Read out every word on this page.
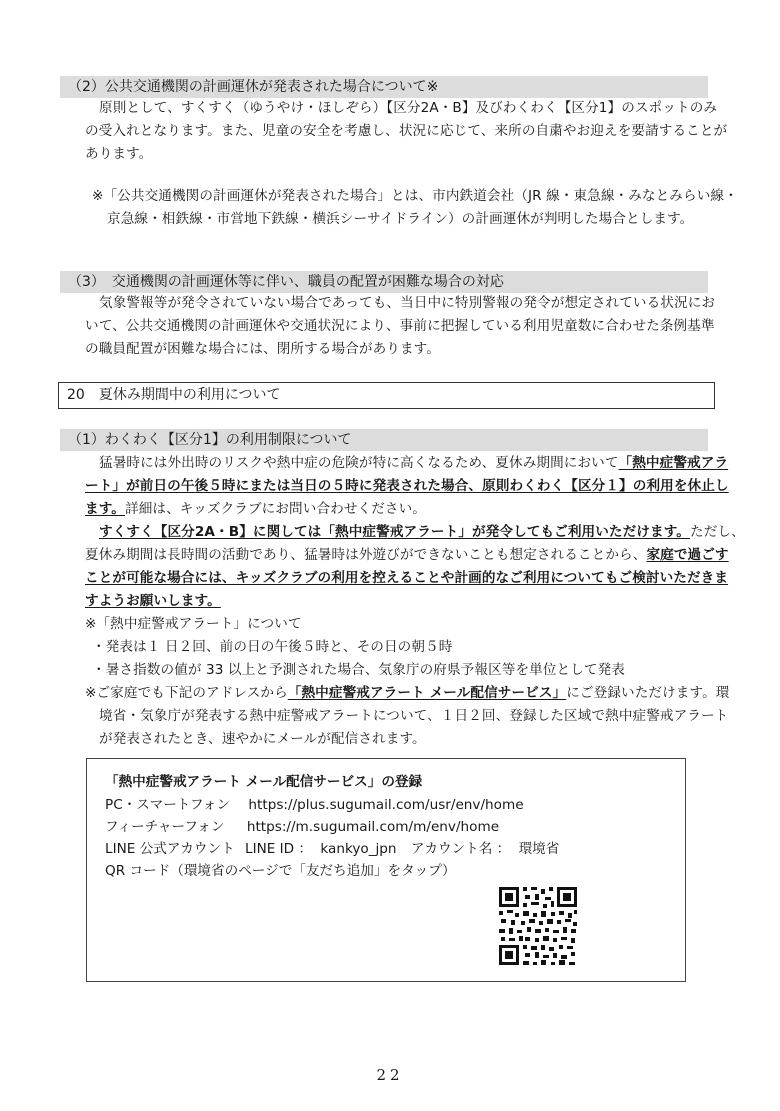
（2）公共交通機関の計画運休が発表された場合について※
原則として、すくすく（ゆうやけ・ほしぞら）【区分2A・B】及びわくわく【区分1】のスポットのみ
の受入れとなります。また、児童の安全を考慮し、状況に応じて、来所の自粛やお迎えを要請することが
あります。
※「公共交通機関の計画運休が発表された場合」とは、市内鉄道会社（JR 線・東急線・みなとみらい線・
京急線・相鉄線・市営地下鉄線・横浜シーサイドライン）の計画運休が判明した場合とします。
（3）　交通機関の計画運休等に伴い、職員の配置が困難な場合の対応
気象警報等が発令されていない場合であっても、当日中に特別警報の発令が想定されている状況にお
いて、公共交通機関の計画運休や交通状況により、事前に把握している利用児童数に合わせた条例基準
の職員配置が困難な場合には、閉所する場合があります。
20　夏休み期間中の利用について
（1）わくわく【区分1】の利用制限について
猛暑時には外出時のリスクや熱中症の危険が特に高くなるため、夏休み期間において「熱中症警戒アラ
ート」が前日の午後５時にまたは当日の５時に発表された場合、原則わくわく【区分１】の利用を休止し
ます。詳細は、キッズクラブにお問い合わせください。
すくすく【区分2A・B】に関しては「熱中症警戒アラート」が発令してもご利用いただけます。ただし、
夏休み期間は長時間の活動であり、猛暑時は外遊びができないことも想定されることから、家庭で過ごす
ことが可能な場合には、キッズクラブの利用を控えることや計画的なご利用についてもご検討いただきま
すようお願いします。
※「熱中症警戒アラート」について
・発表は１ 日２回、前の日の午後５時と、その日の朝５時
・暑さ指数の値が 33 以上と予測された場合、気象庁の府県予報区等を単位として発表
※ご家庭でも下記のアドレスから「熱中症警戒アラート メール配信サービス」にご登録いただけます。環
境省・気象庁が発表する熱中症警戒アラートについて、１日２回、登録した区域で熱中症警戒アラート
が発表されたとき、速やかにメールが配信されます。
「熱中症警戒アラート メール配信サービス」の登録
PC・スマートフォン https://plus.sugumail.com/usr/env/home
フィーチャーフォン https://m.sugumail.com/m/env/home
LINE 公式アカウント LINE ID ： kankyo_jpn アカウント名 ： 環境省
QR コード（環境省のページで「友だち追加」をタップ）
22
